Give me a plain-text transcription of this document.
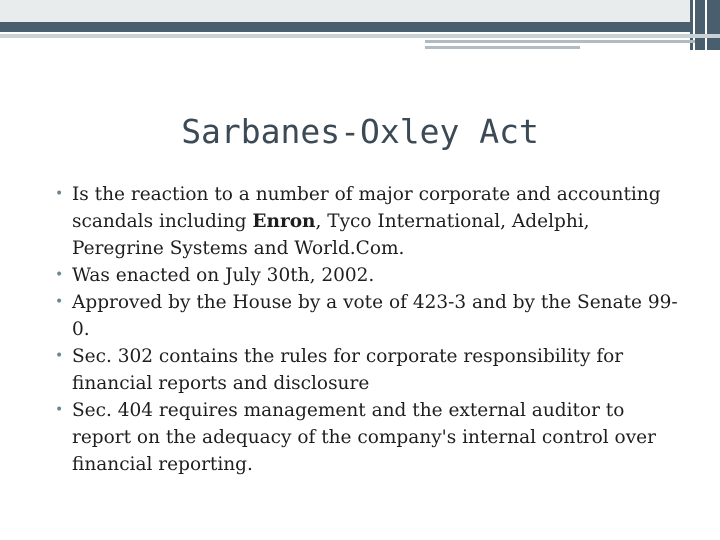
Sarbanes-Oxley Act
• Is the reaction to a number of major corporate and accounting scandals including Enron, Tyco International, Adelphi, Peregrine Systems and World.Com.
• Was enacted on July 30th, 2002.
• Approved by the House by a vote of 423-3 and by the Senate 99-0.
• Sec. 302 contains the rules for corporate responsibility for financial reports and disclosure
• Sec. 404 requires management and the external auditor to report on the adequacy of the company's internal control over financial reporting.
